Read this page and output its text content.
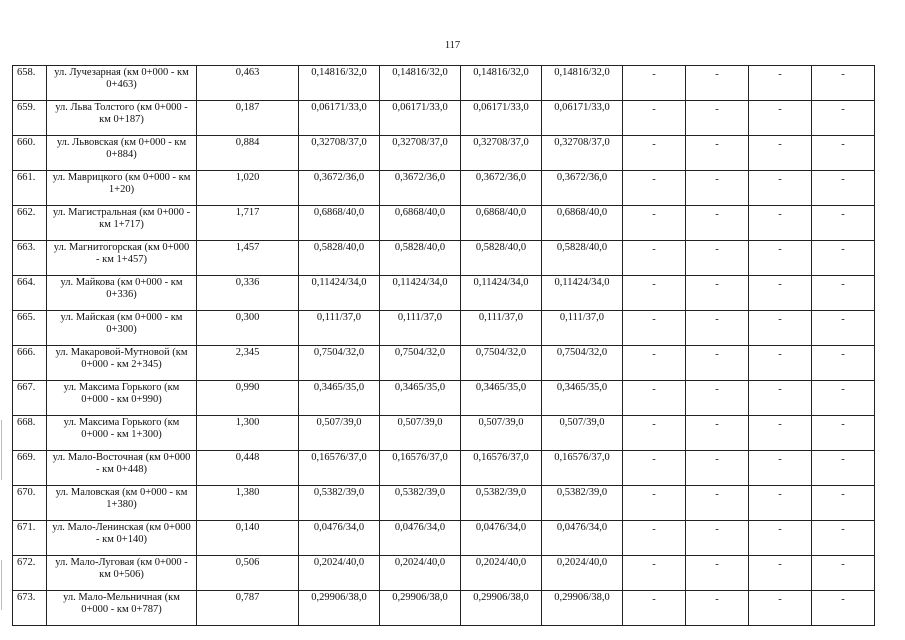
117
658.	ул. Лучезарная (км 0+000 - км 0+463)	0,463	0,14816/32,0	0,14816/32,0	0,14816/32,0	0,14816/32,0	-	-	-	-
659.	ул. Льва Толстого (км 0+000 - км 0+187)	0,187	0,06171/33,0	0,06171/33,0	0,06171/33,0	0,06171/33,0	-	-	-	-
660.	ул. Львовская (км 0+000 - км 0+884)	0,884	0,32708/37,0	0,32708/37,0	0,32708/37,0	0,32708/37,0	-	-	-	-
661.	ул. Маврицкого (км 0+000 - км 1+20)	1,020	0,3672/36,0	0,3672/36,0	0,3672/36,0	0,3672/36,0	-	-	-	-
662.	ул. Магистральная (км 0+000 - км 1+717)	1,717	0,6868/40,0	0,6868/40,0	0,6868/40,0	0,6868/40,0	-	-	-	-
663.	ул. Магнитогорская (км 0+000 - км 1+457)	1,457	0,5828/40,0	0,5828/40,0	0,5828/40,0	0,5828/40,0	-	-	-	-
664.	ул. Майкова (км 0+000 - км 0+336)	0,336	0,11424/34,0	0,11424/34,0	0,11424/34,0	0,11424/34,0	-	-	-	-
665.	ул. Майская (км 0+000 - км 0+300)	0,300	0,111/37,0	0,111/37,0	0,111/37,0	0,111/37,0	-	-	-	-
666.	ул. Макаровой-Мутновой (км 0+000 - км 2+345)	2,345	0,7504/32,0	0,7504/32,0	0,7504/32,0	0,7504/32,0	-	-	-	-
667.	ул. Максима Горького (км 0+000 - км 0+990)	0,990	0,3465/35,0	0,3465/35,0	0,3465/35,0	0,3465/35,0	-	-	-	-
668.	ул. Максима Горького (км 0+000 - км 1+300)	1,300	0,507/39,0	0,507/39,0	0,507/39,0	0,507/39,0	-	-	-	-
669.	ул. Мало-Восточная (км 0+000 - км 0+448)	0,448	0,16576/37,0	0,16576/37,0	0,16576/37,0	0,16576/37,0	-	-	-	-
670.	ул. Маловская (км 0+000 - км 1+380)	1,380	0,5382/39,0	0,5382/39,0	0,5382/39,0	0,5382/39,0	-	-	-	-
671.	ул. Мало-Ленинская (км 0+000 - км 0+140)	0,140	0,0476/34,0	0,0476/34,0	0,0476/34,0	0,0476/34,0	-	-	-	-
672.	ул. Мало-Луговая (км 0+000 - км 0+506)	0,506	0,2024/40,0	0,2024/40,0	0,2024/40,0	0,2024/40,0	-	-	-	-
673.	ул. Мало-Мельничная (км 0+000 - км 0+787)	0,787	0,29906/38,0	0,29906/38,0	0,29906/38,0	0,29906/38,0	-	-	-	-
